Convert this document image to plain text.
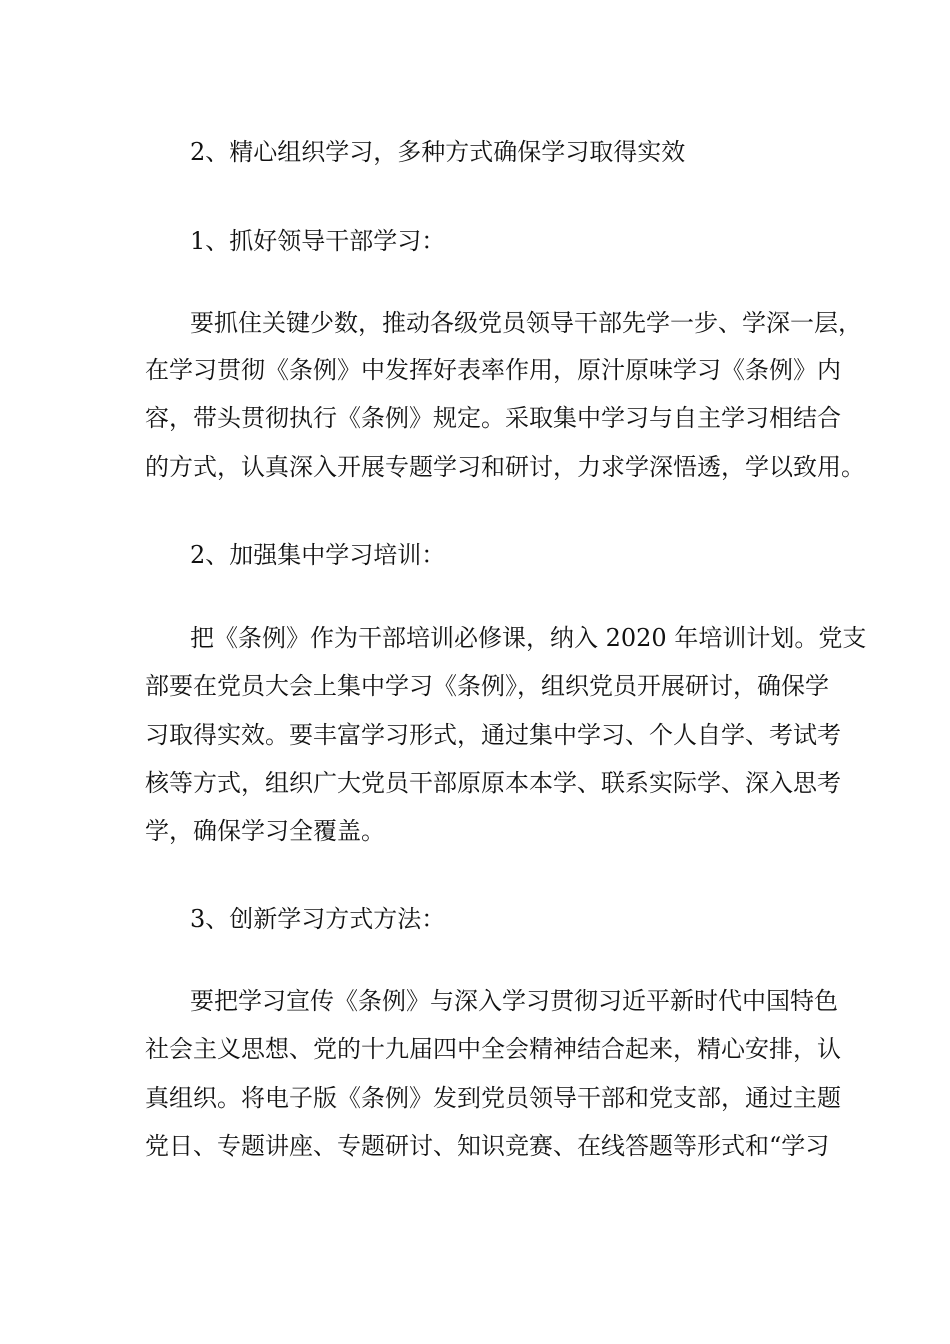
2、精心组织学习，多种方式确保学习取得实效
1、抓好领导干部学习：
要抓住关键少数，推动各级党员领导干部先学一步、学深一层，
在学习贯彻《条例》中发挥好表率作用，原汁原味学习《条例》内
容，带头贯彻执行《条例》规定。采取集中学习与自主学习相结合
的方式，认真深入开展专题学习和研讨，力求学深悟透，学以致用。
2、加强集中学习培训：
把《条例》作为干部培训必修课，纳入 2020 年培训计划。党支
部要在党员大会上集中学习《条例》，组织党员开展研讨，确保学
习取得实效。要丰富学习形式，通过集中学习、个人自学、考试考
核等方式，组织广大党员干部原原本本学、联系实际学、深入思考
学，确保学习全覆盖。
3、创新学习方式方法：
要把学习宣传《条例》与深入学习贯彻习近平新时代中国特色
社会主义思想、党的十九届四中全会精神结合起来，精心安排，认
真组织。将电子版《条例》发到党员领导干部和党支部，通过主题
党日、专题讲座、专题研讨、知识竞赛、在线答题等形式和“学习
